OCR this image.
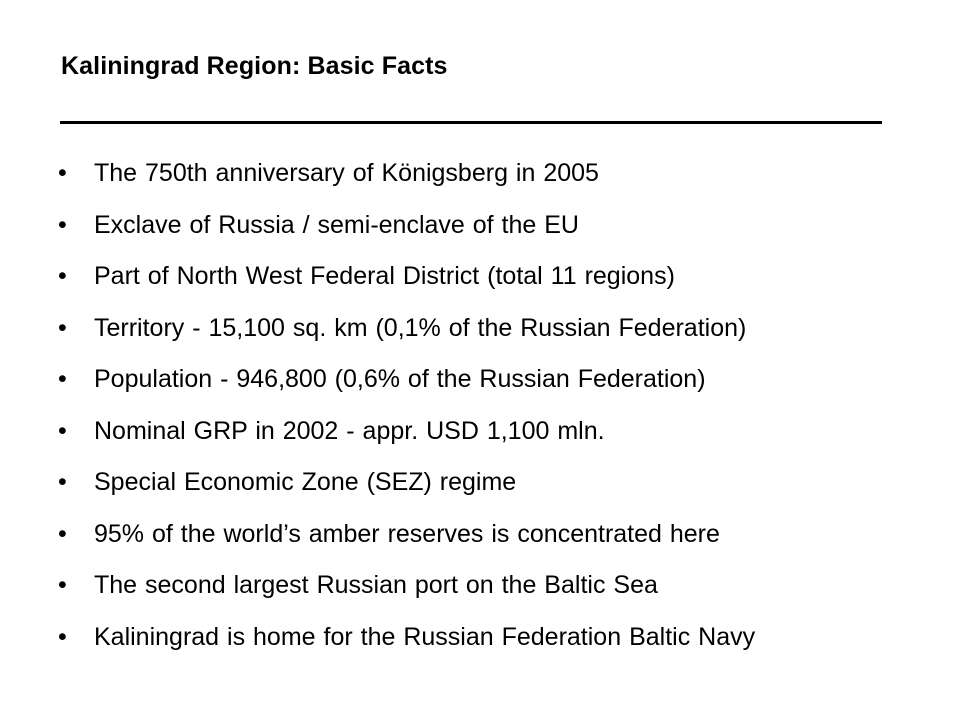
Kaliningrad Region: Basic Facts
• The 750th anniversary of Königsberg in 2005
• Exclave of Russia / semi-enclave of the EU
• Part of North West Federal District (total 11 regions)
• Territory - 15,100 sq. km (0,1% of the Russian Federation)
• Population - 946,800 (0,6% of the Russian Federation)
• Nominal GRP in 2002 - appr. USD 1,100 mln.
• Special Economic Zone (SEZ) regime
• 95% of the world’s amber reserves is concentrated here
• The second largest Russian port on the Baltic Sea
• Kaliningrad is home for the Russian Federation Baltic Navy
